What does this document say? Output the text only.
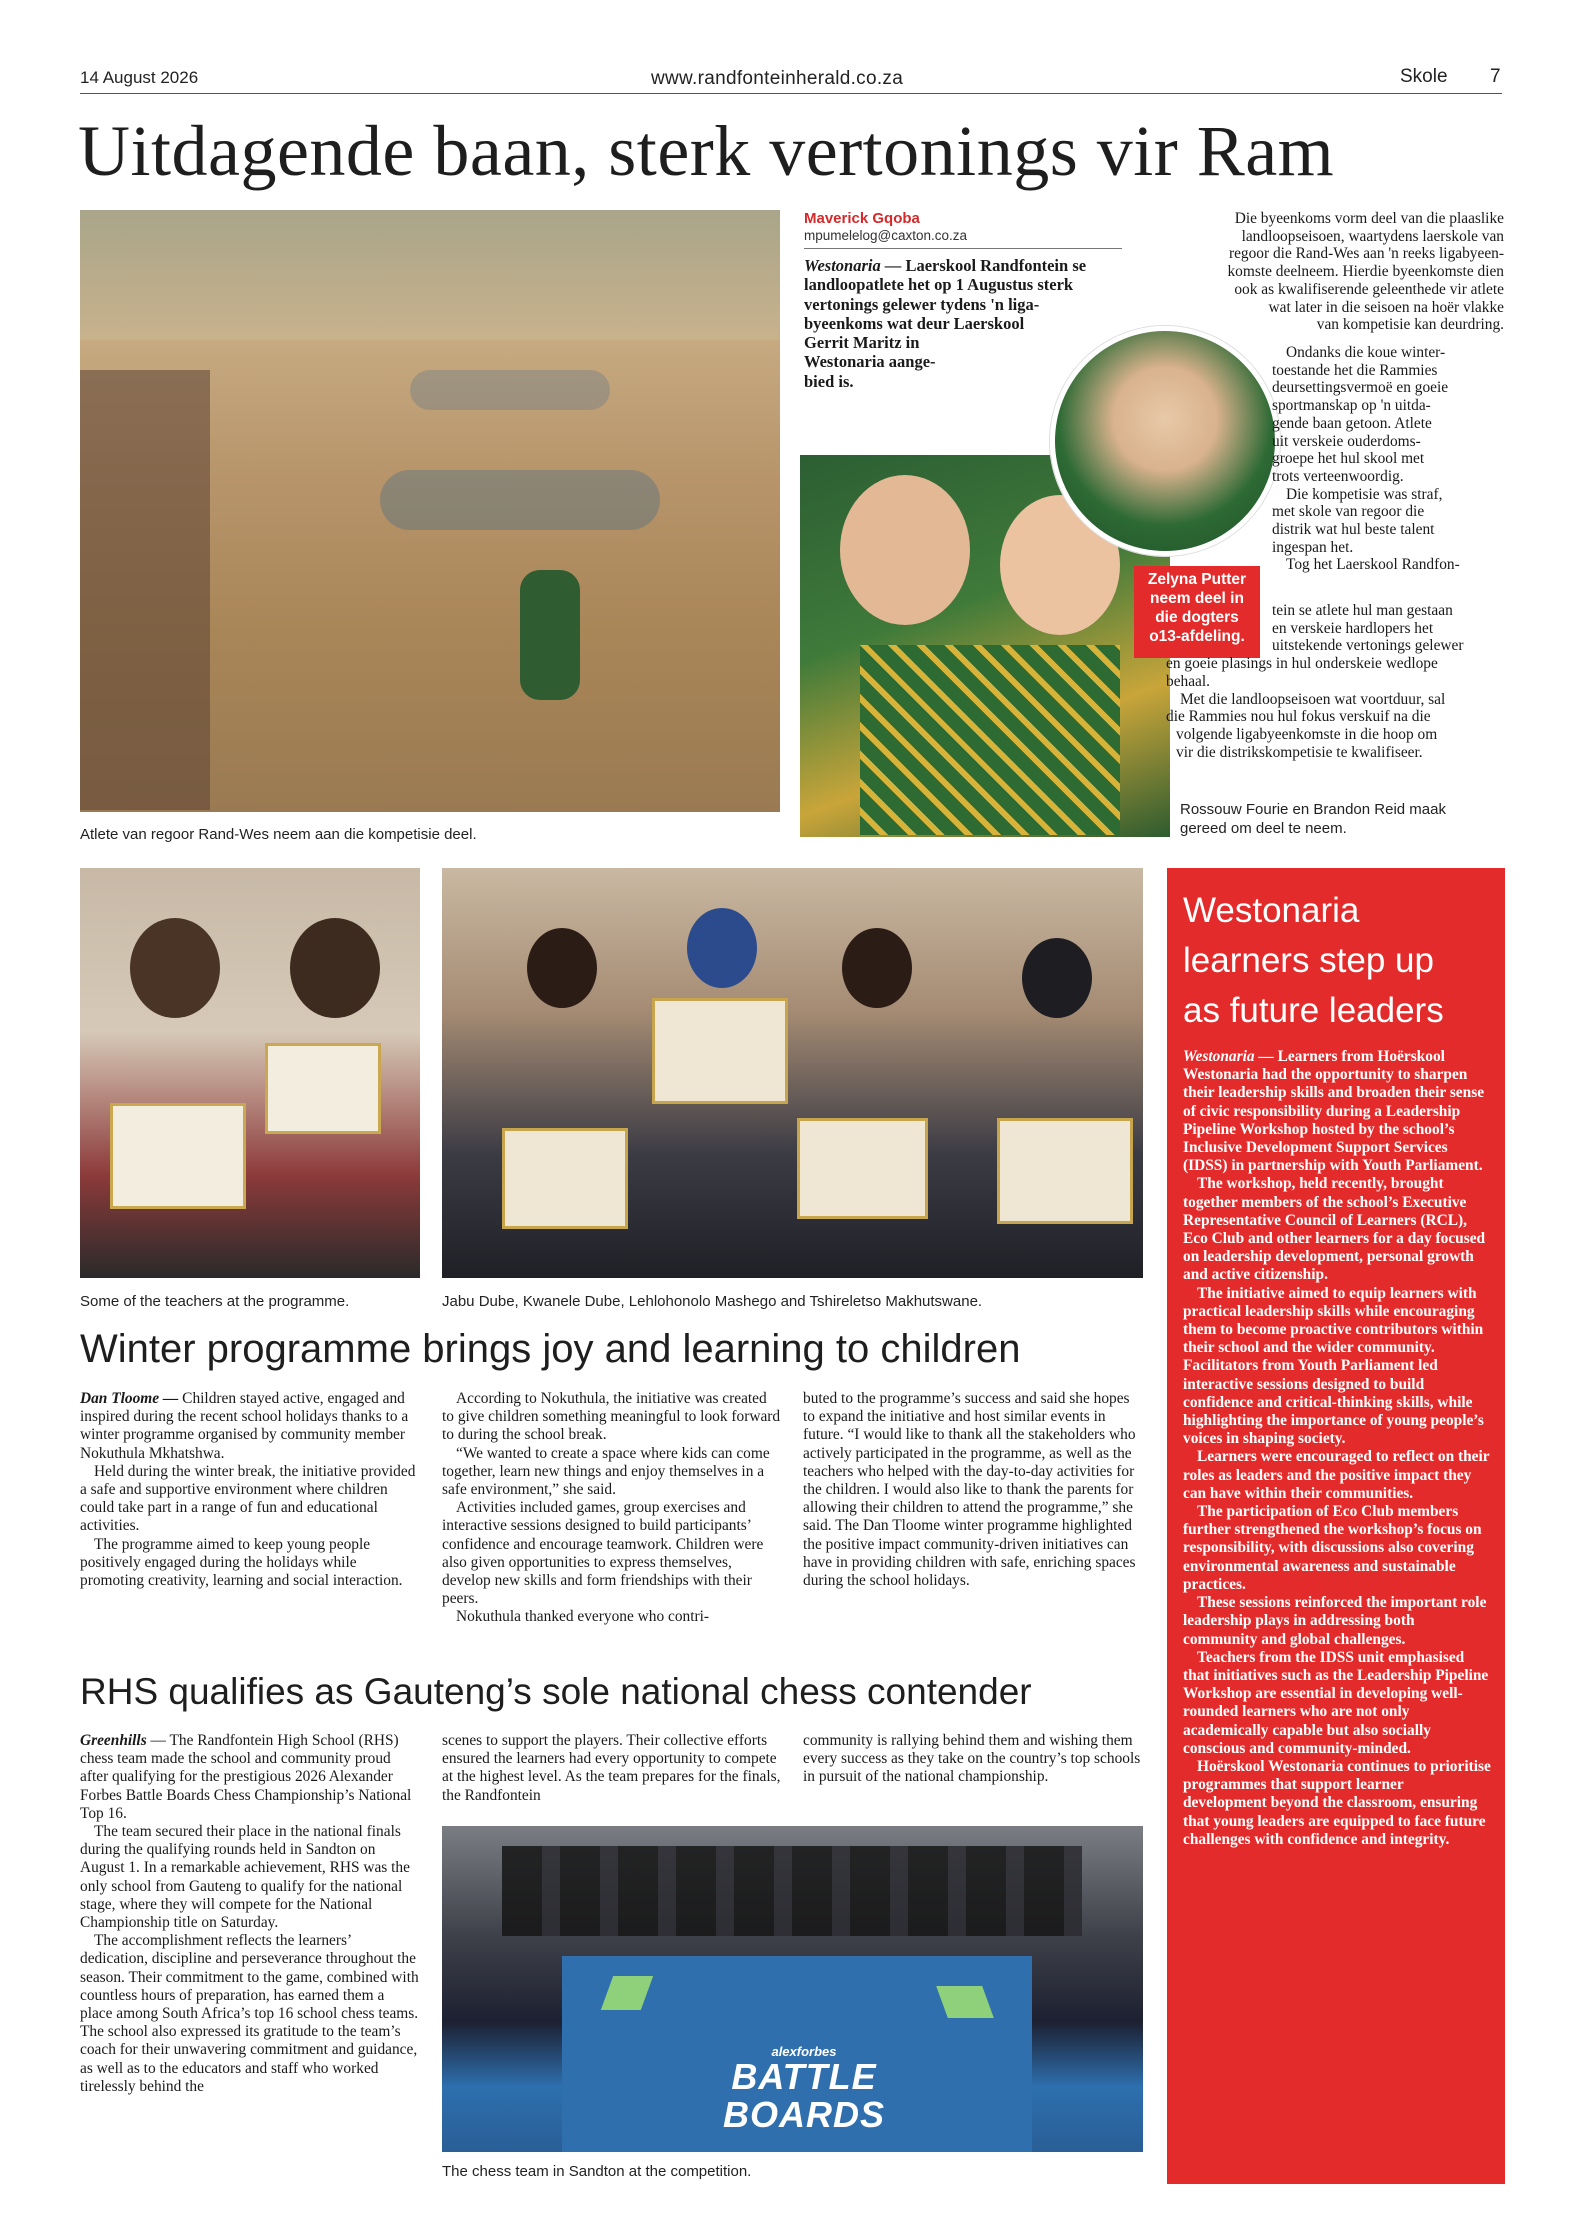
14 August 2026	www.randfonteinherald.co.za	Skole 7
Uitdagende baan, sterk vertonings vir Ram
Atlete van regoor Rand-Wes neem aan die kompetisie deel.
Rossouw Fourie en Brandon Reid maak
gereed om deel te neem.
Zelyna Putter
neem deel in
die dogters
o13-afdeling.
Maverick Gqoba
mpumelelog@caxton.co.za
Westonaria — Laerskool Randfontein se
landloopatlete het op 1 Augustus sterk
vertonings gelewer tydens 'n liga-
byeenkoms wat deur Laerskool
Gerrit Maritz in
Westonaria aange-
bied is.
Die byeenkoms vorm deel van die plaaslike
landloopseisoen, waartydens laerskole van
regoor die Rand-Wes aan 'n reeks ligabyeen-
komste deelneem. Hierdie byeenkomste dien
ook as kwalifiserende geleenthede vir atlete
wat later in die seisoen na hoër vlakke
van kompetisie kan deurdring.
Ondanks die koue winter-
toestande het die Rammies
deursettingsvermoë en goeie
sportmanskap op 'n uitda-
gende baan getoon. Atlete
uit verskeie ouderdoms-
groepe het hul skool met
trots verteenwoordig.
Die kompetisie was straf,
met skole van regoor die
distrik wat hul beste talent
ingespan het.
Tog het Laerskool Randfon-
tein se atlete hul man gestaan
en verskeie hardlopers het
uitstekende vertonings gelewer
en goeie plasings in hul onderskeie wedlope
behaal.
Met die landloopseisoen wat voortduur, sal
die Rammies nou hul fokus verskuif na die
volgende ligabyeenkomste in die hoop om
vir die distrikskompetisie te kwalifiseer.
Some of the teachers at the programme.	Jabu Dube, Kwanele Dube, Lehlohonolo Mashego and Tshireletso Makhutswane.
Winter programme brings joy and learning to children

Dan Tloome — Children stayed active, engaged and inspired during the recent school holidays thanks to a winter programme organised by community member Nokuthula Mkhatshwa.

Held during the winter break, the initiative provided a safe and supportive environment where children could take part in a range of fun and educational activities.

The programme aimed to keep young people positively engaged during the holidays while promoting creativity, learning and social interaction.

According to Nokuthula, the initiative was created to give children something meaningful to look forward to during the school break.

“We wanted to create a space where kids can come together, learn new things and enjoy themselves in a safe environment,” she said.

Activities included games, group exercises and interactive sessions designed to build participants’ confidence and encourage teamwork. Children were also given opportunities to express themselves, develop new skills and form friendships with their peers.

Nokuthula thanked everyone who contri-

buted to the programme’s success and said she hopes to expand the initiative and host similar events in future. “I would like to thank all the stakeholders who actively participated in the programme, as well as the teachers who helped with the day-to-day activities for the children. I would also like to thank the parents for allowing their children to attend the programme,” she said. The Dan Tloome winter programme highlighted the positive impact community-driven initiatives can have in providing children with safe, enriching spaces during the school holidays.

RHS qualifies as Gauteng’s sole national chess contender

Greenhills — The Randfontein High School (RHS) chess team made the school and community proud after qualifying for the prestigious 2026 Alexander Forbes Battle Boards Chess Championship’s National Top 16.

The team secured their place in the national finals during the qualifying rounds held in Sandton on August 1. In a remarkable achievement, RHS was the only school from Gauteng to qualify for the national stage, where they will compete for the National Championship title on Saturday.

The accomplishment reflects the learners’ dedication, discipline and perseverance throughout the season. Their commitment to the game, combined with countless hours of preparation, has earned them a place among South Africa’s top 16 school chess teams. The school also expressed its gratitude to the team’s coach for their unwavering commitment and guidance, as well as to the educators and staff who worked tirelessly behind the

scenes to support the players. Their collective efforts ensured the learners had every opportunity to compete at the highest level. As the team prepares for the finals, the Randfontein

community is rallying behind them and wishing them every success as they take on the country’s top schools in pursuit of the national championship.

alexforbes
BATTLE
BOARDS
The chess team in Sandton at the competition.
Westonaria
learners step up
as future leaders

Westonaria — Learners from Hoërskool Westonaria had the opportunity to sharpen their leadership skills and broaden their sense of civic responsibility during a Leadership Pipeline Workshop hosted by the school’s Inclusive Development Support Services (IDSS) in partnership with Youth Parliament.

The workshop, held recently, brought together members of the school’s Executive Representative Council of Learners (RCL), Eco Club and other learners for a day focused on leadership development, personal growth and active citizenship.

The initiative aimed to equip learners with practical leadership skills while encouraging them to become proactive contributors within their school and the wider community. Facilitators from Youth Parliament led interactive sessions designed to build confidence and critical-thinking skills, while highlighting the importance of young people’s voices in shaping society.

Learners were encouraged to reflect on their roles as leaders and the positive impact they can have within their communities.

The participation of Eco Club members further strengthened the workshop’s focus on responsibility, with discussions also covering environmental awareness and sustainable practices.

These sessions reinforced the important role leadership plays in addressing both community and global challenges.

Teachers from the IDSS unit emphasised that initiatives such as the Leadership Pipeline Workshop are essential in developing well-rounded learners who are not only academically capable but also socially conscious and community-minded.

Hoërskool Westonaria continues to prioritise programmes that support learner development beyond the classroom, ensuring that young leaders are equipped to face future challenges with confidence and integrity.
